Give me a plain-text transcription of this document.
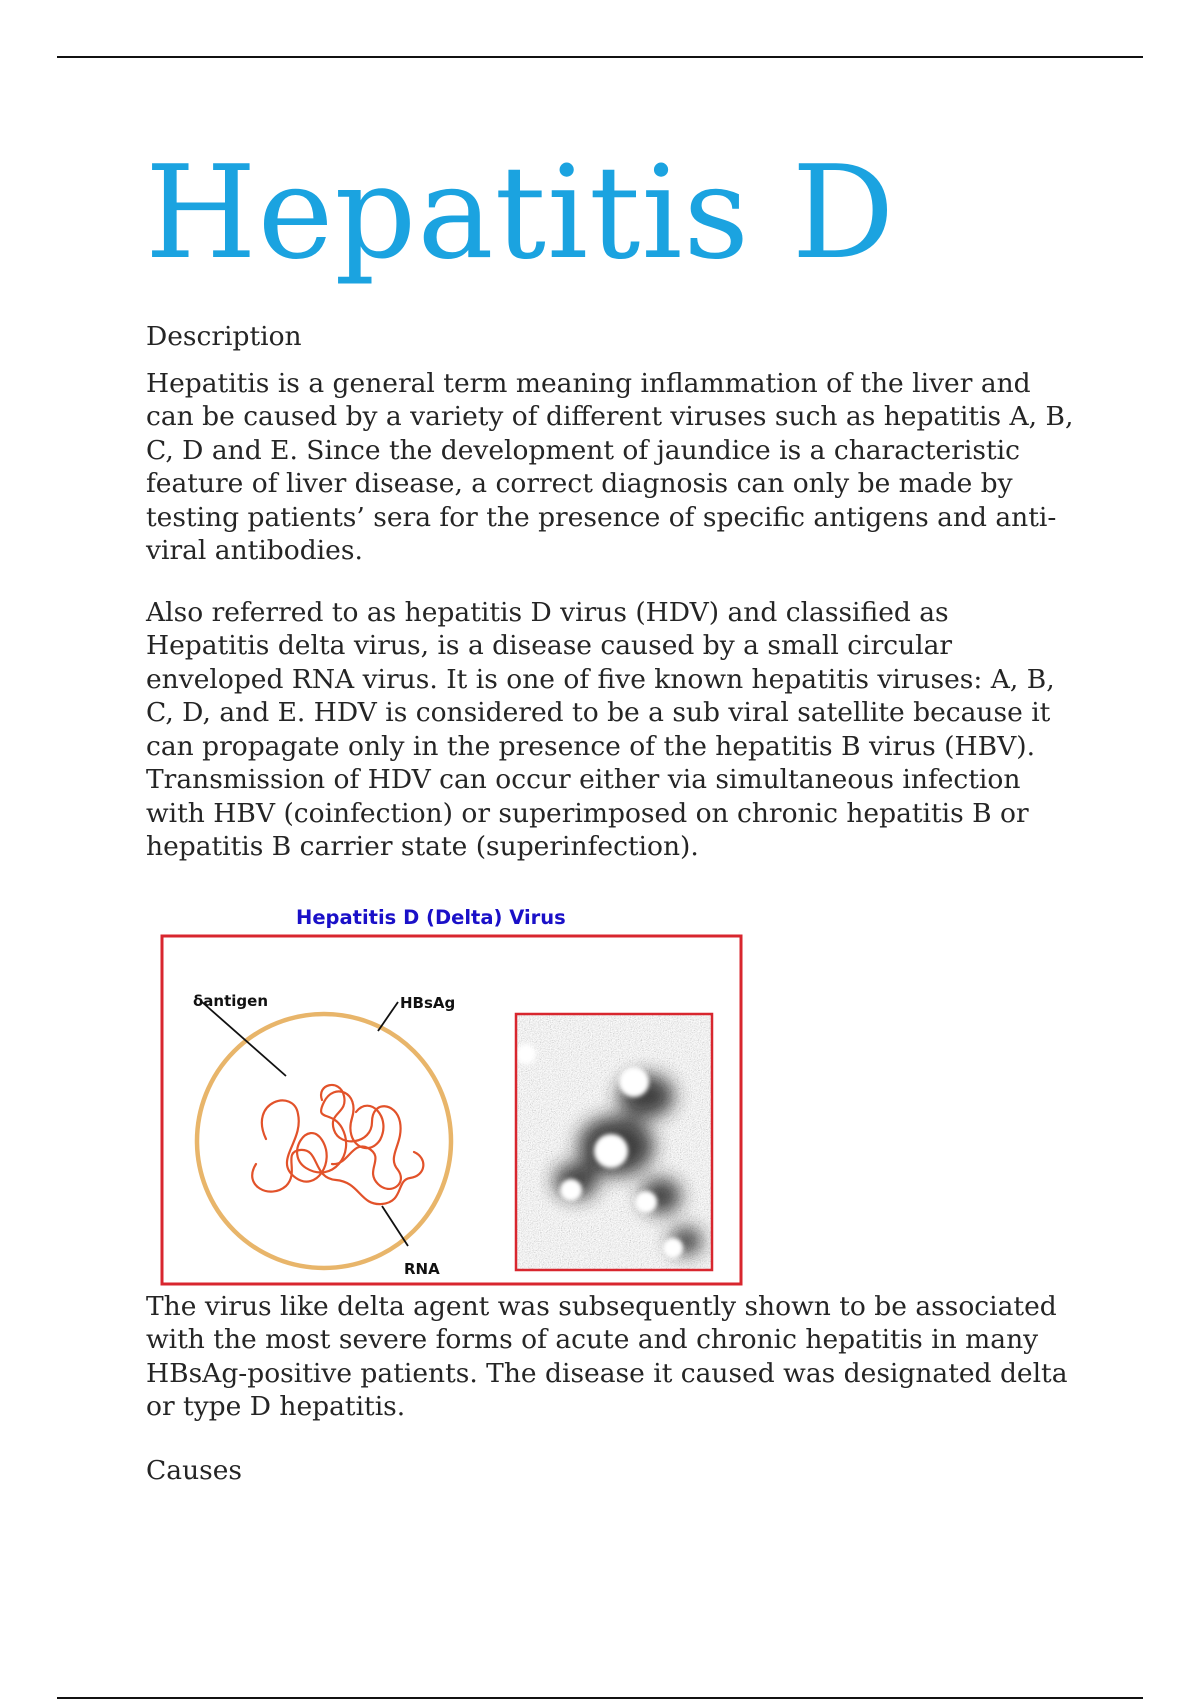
Hepatitis D

Description

Hepatitis is a general term meaning inflammation of the liver and can be caused by a variety of different viruses such as hepatitis A, B, C, D and E. Since the development of jaundice is a characteristic feature of liver disease, a correct diagnosis can only be made by testing patients’ sera for the presence of specific antigens and anti-viral antibodies.

Also referred to as hepatitis D virus (HDV) and classified as Hepatitis delta virus, is a disease caused by a small circular enveloped RNA virus. It is one of five known hepatitis viruses: A, B, C, D, and E. HDV is considered to be a sub viral satellite because it can propagate only in the presence of the hepatitis B virus (HBV). Transmission of HDV can occur either via simultaneous infection with HBV (coinfection) or superimposed on chronic hepatitis B or hepatitis B carrier state (superinfection).

Hepatitis D (Delta) Virus
δantigen	HBsAg
RNA

The virus like delta agent was subsequently shown to be associated with the most severe forms of acute and chronic hepatitis in many HBsAg-positive patients. The disease it caused was designated delta or type D hepatitis.

Causes
